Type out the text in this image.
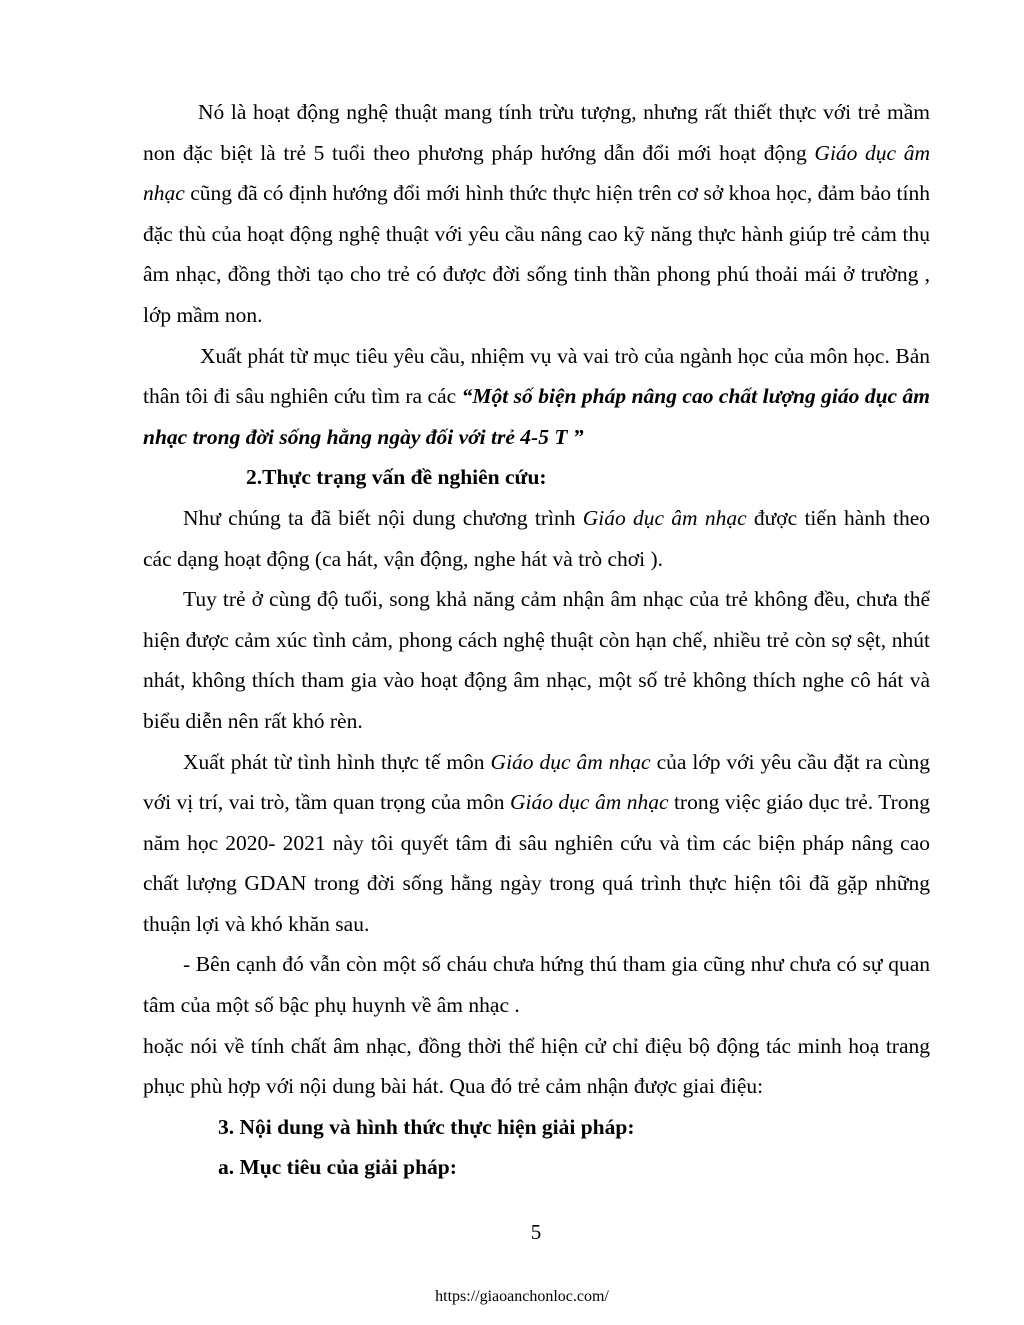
Nó là hoạt động nghệ thuật mang tính trừu tượng, nhưng rất thiết thực với trẻ mầm non đặc biệt là trẻ 5 tuổi theo phương pháp hướng dẫn đổi mới hoạt động Giáo dục âm nhạc cũng đã có định hướng đổi mới hình thức thực hiện trên cơ sở khoa học, đảm bảo tính đặc thù của hoạt động nghệ thuật với yêu cầu nâng cao kỹ năng thực hành giúp trẻ cảm thụ âm nhạc, đồng thời tạo cho trẻ có được đời sống tinh thần phong phú thoải mái ở trường , lớp mầm non.

Xuất phát từ mục tiêu yêu cầu, nhiệm vụ và vai trò của ngành học của môn học. Bản thân tôi đi sâu nghiên cứu tìm ra các “Một số biện pháp nâng cao chất lượng giáo dục âm nhạc trong đời sống hằng ngày đối với trẻ 4-5 T ”

2.Thực trạng vấn đề nghiên cứu:

Như chúng ta đã biết nội dung chương trình Giáo dục âm nhạc được tiến hành theo các dạng hoạt động (ca hát, vận động, nghe hát và trò chơi ).

Tuy trẻ ở cùng độ tuổi, song khả năng cảm nhận âm nhạc của trẻ không đều, chưa thể hiện được cảm xúc tình cảm, phong cách nghệ thuật còn hạn chế, nhiều trẻ còn sợ sệt, nhút nhát, không thích tham gia vào hoạt động âm nhạc, một số trẻ không thích nghe cô hát và biểu diễn nên rất khó rèn.

Xuất phát từ tình hình thực tế môn Giáo dục âm nhạc của lớp với yêu cầu đặt ra cùng với vị trí, vai trò, tầm quan trọng của môn Giáo dục âm nhạc trong việc giáo dục trẻ. Trong năm học 2020- 2021 này tôi quyết tâm đi sâu nghiên cứu và tìm các biện pháp nâng cao chất lượng GDAN trong đời sống hằng ngày trong quá trình thực hiện tôi đã gặp những thuận lợi và khó khăn sau.

- Bên cạnh đó vẫn còn một số cháu chưa hứng thú tham gia cũng như chưa có sự quan tâm của một số bậc phụ huynh về âm nhạc .

hoặc nói về tính chất âm nhạc, đồng thời thể hiện cử chỉ điệu bộ động tác minh hoạ trang phục phù hợp với nội dung bài hát. Qua đó trẻ cảm nhận được giai điệu:

3. Nội dung và hình thức thực hiện giải pháp:

a. Mục tiêu của giải pháp:

5
https://giaoanchonloc.com/
